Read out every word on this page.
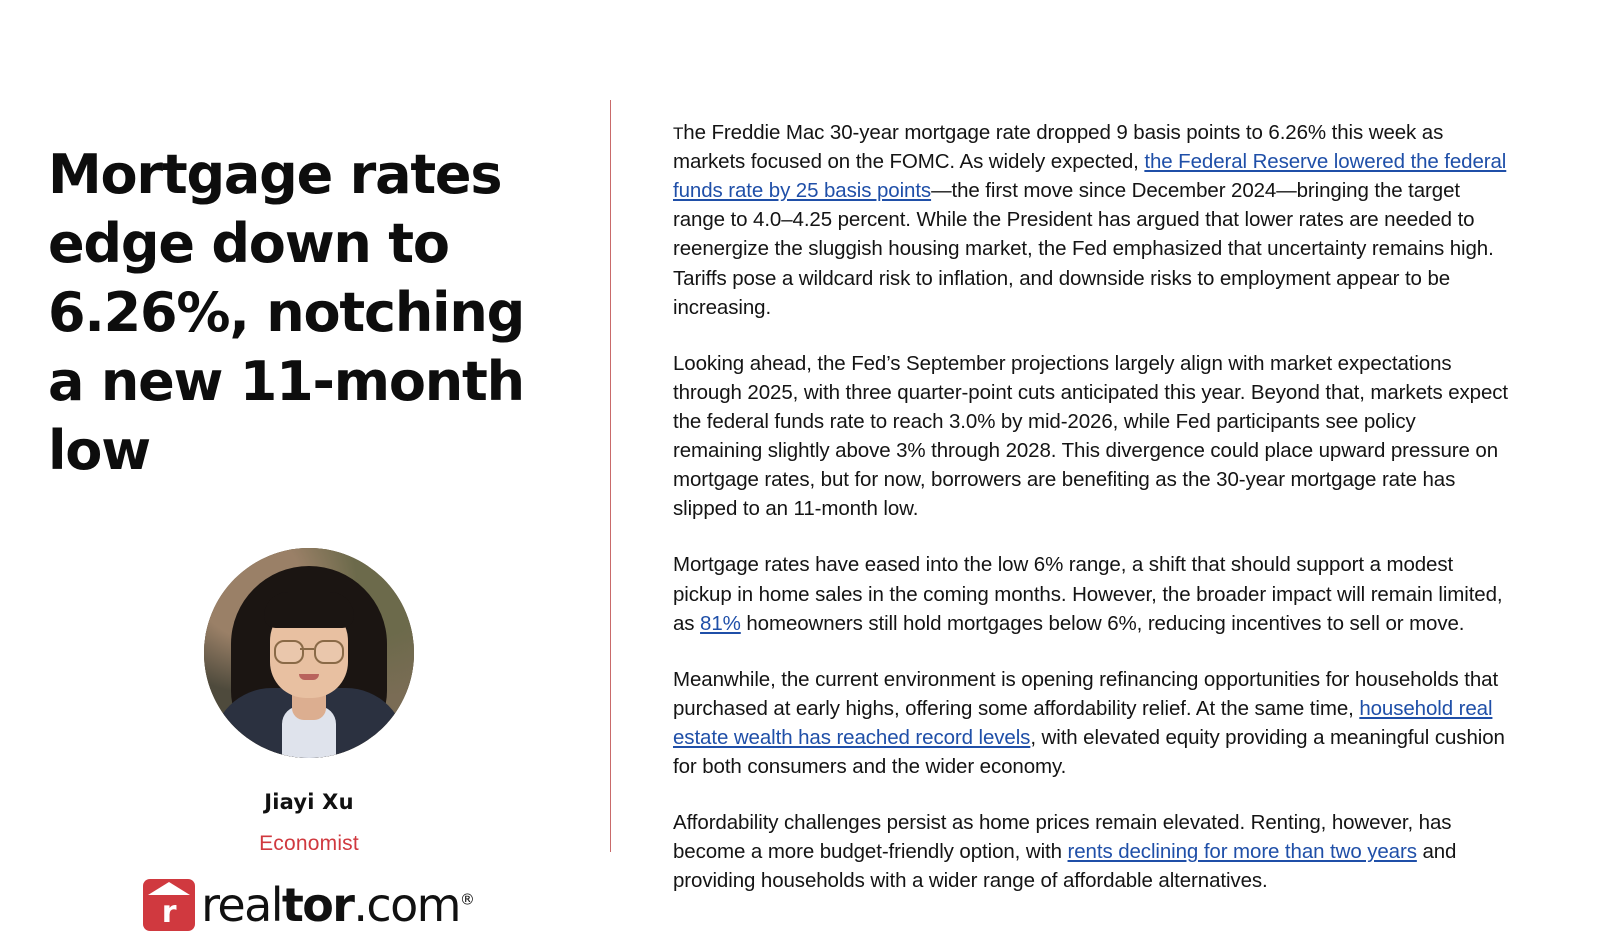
Mortgage rates edge down to 6.26%, notching a new 11-month low
Jiayi Xu
Economist
r realtor.com®

The Freddie Mac 30-year mortgage rate dropped 9 basis points to 6.26% this week as markets focused on the FOMC. As widely expected, the Federal Reserve lowered the federal funds rate by 25 basis points—the first move since December 2024—bringing the target range to 4.0–4.25 percent. While the President has argued that lower rates are needed to reenergize the sluggish housing market, the Fed emphasized that uncertainty remains high. Tariffs pose a wildcard risk to inflation, and downside risks to employment appear to be increasing.

Looking ahead, the Fed’s September projections largely align with market expectations through 2025, with three quarter-point cuts anticipated this year. Beyond that, markets expect the federal funds rate to reach 3.0% by mid-2026, while Fed participants see policy remaining slightly above 3% through 2028. This divergence could place upward pressure on mortgage rates, but for now, borrowers are benefiting as the 30-year mortgage rate has slipped to an 11-month low.

Mortgage rates have eased into the low 6% range, a shift that should support a modest pickup in home sales in the coming months. However, the broader impact will remain limited, as 81% homeowners still hold mortgages below 6%, reducing incentives to sell or move.

Meanwhile, the current environment is opening refinancing opportunities for households that purchased at early highs, offering some affordability relief. At the same time, household real estate wealth has reached record levels, with elevated equity providing a meaningful cushion for both consumers and the wider economy.

Affordability challenges persist as home prices remain elevated. Renting, however, has become a more budget-friendly option, with rents declining for more than two years and providing households with a wider range of affordable alternatives.
